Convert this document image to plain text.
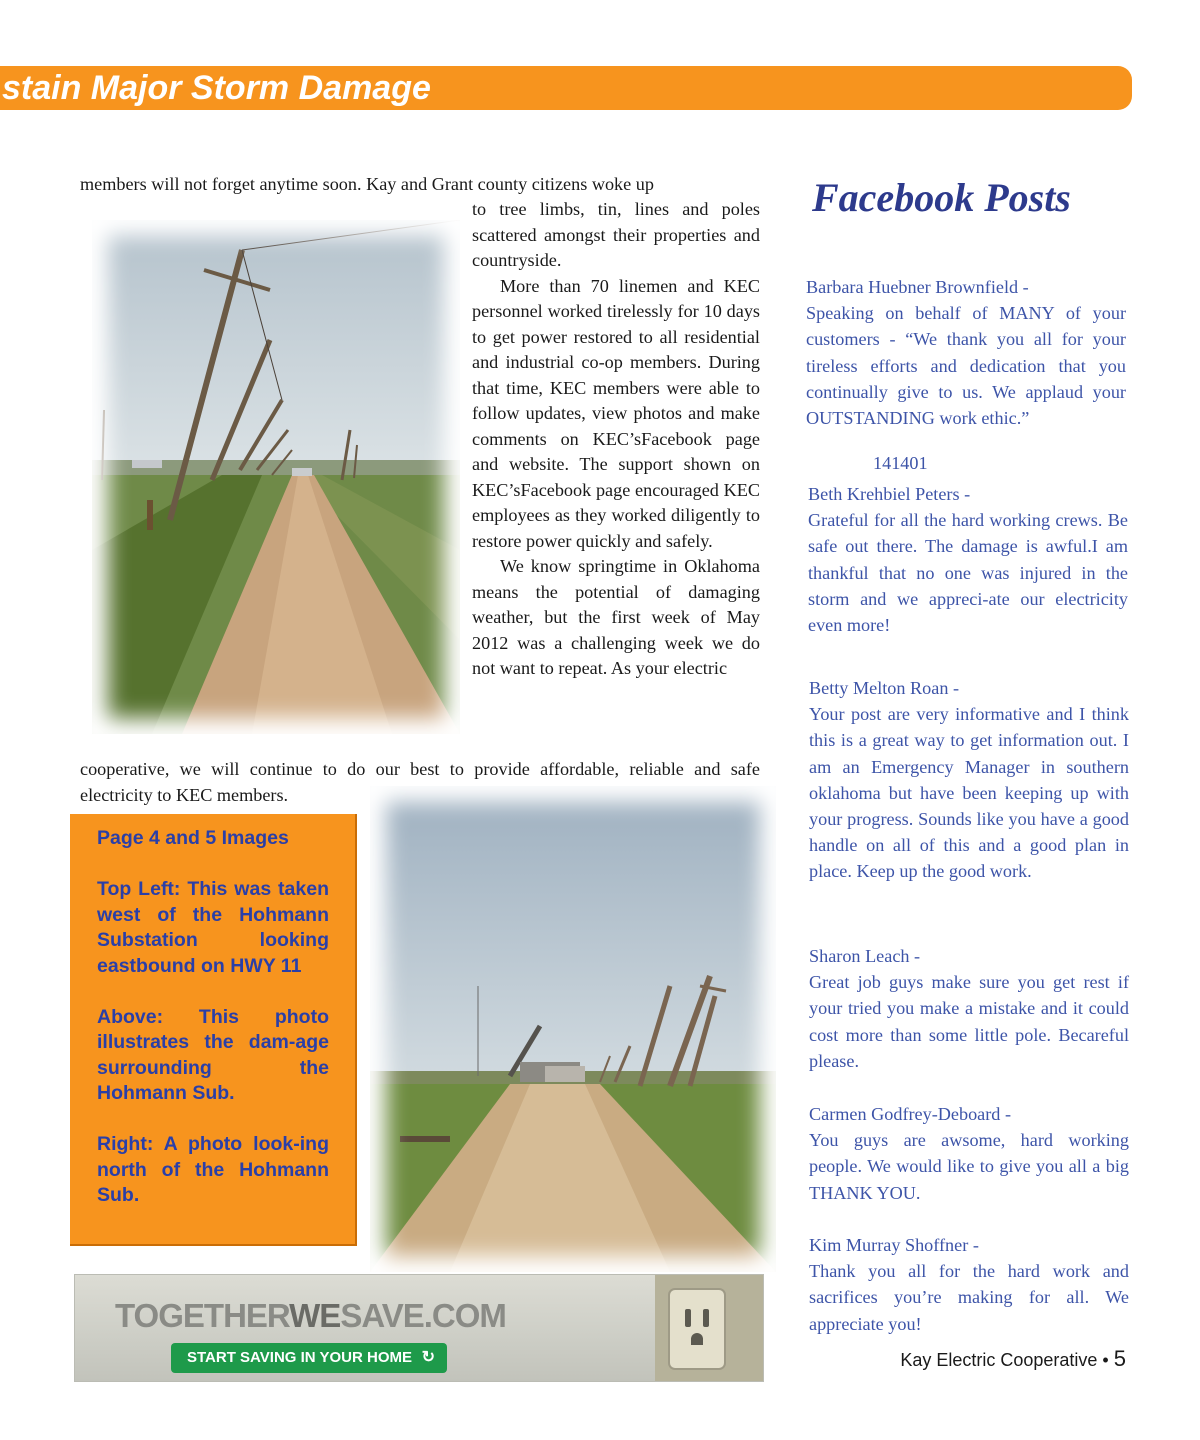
stain Major Storm Damage
members will not forget anytime soon. Kay and Grant county citizens woke up

to tree limbs, tin, lines and poles scattered amongst their properties and countryside.

More than 70 linemen and KEC personnel worked tirelessly for 10 days to get power restored to all residential and industrial co-op members. During that time, KEC members were able to follow updates, view photos and make comments on KEC’sFacebook page and website. The support shown on KEC’sFacebook page encouraged KEC employees as they worked diligently to restore power quickly and safely.

We know springtime in Oklahoma means the potential of damaging weather, but the first week of May 2012 was a challenging week we do not want to repeat. As your electric

cooperative, we will continue to do our best to provide affordable, reliable and safe electricity to KEC members.

Page 4 and 5 Images

Top Left: This was taken west of the Hohmann Substation looking eastbound on HWY 11

Above: This photo illustrates the dam-age surrounding the Hohmann Sub.

Right: A photo look-ing north of the Hohmann Sub.

TOGETHERWESAVE.COM
START SAVING IN YOUR HOME ↻
Facebook Posts
Barbara Huebner Brownfield -
Speaking on behalf of MANY of your customers - “We thank you all for your tireless efforts and dedication that you continually give to us. We applaud your OUTSTANDING work ethic.”
141401
Beth Krehbiel Peters -
Grateful for all the hard working crews. Be safe out there. The damage is awful.I am thankful that no one was injured in the storm and we appreci-ate our electricity even more!
Betty Melton Roan -
Your post are very informative and I think this is a great way to get information out. I am an Emergency Manager in southern oklahoma but have been keeping up with your progress. Sounds like you have a good handle on all of this and a good plan in place. Keep up the good work.
Sharon Leach -
Great job guys make sure you get rest if your tried you make a mistake and it could cost more than some little pole. Becareful please.
Carmen Godfrey-Deboard -
You guys are awsome, hard working people. We would like to give you all a big THANK YOU.
Kim Murray Shoffner -
Thank you all for the hard work and sacrifices you’re making for all. We appreciate you!
Kay Electric Cooperative • 5
